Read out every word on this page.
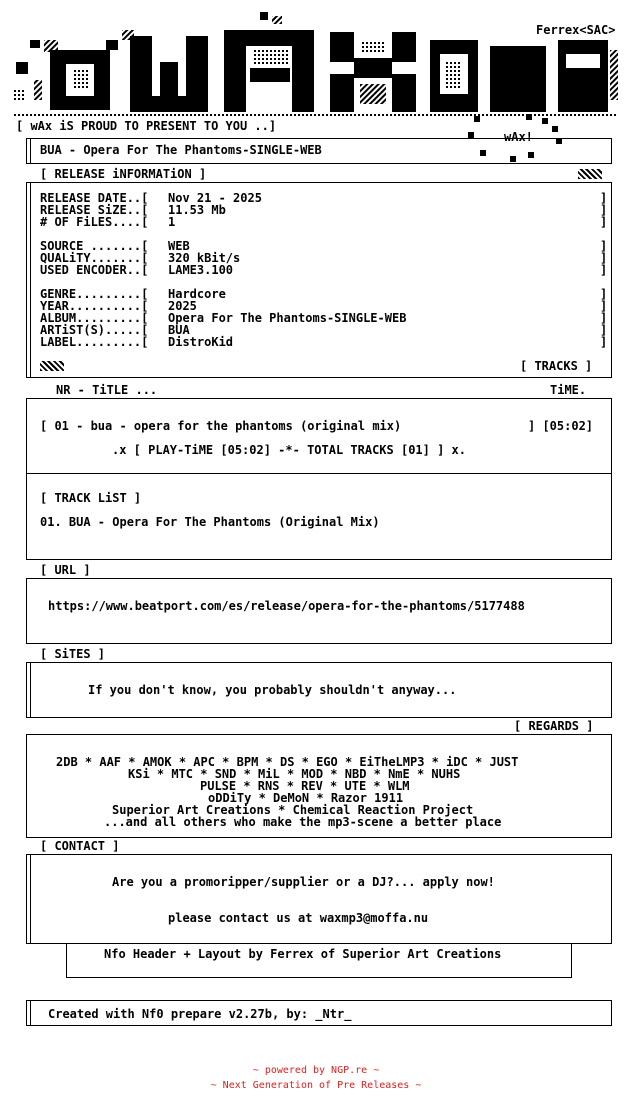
Ferrex<SAC>
[ wAx iS PROUD TO PRESENT TO YOU ..]
wAx!
BUA - Opera For The Phantoms-SINGLE-WEB
[ RELEASE iNFORMATiON ]
RELEASE DATE..[ Nov 21 - 2025
RELEASE SiZE..[ 11.53 Mb
# OF FiLES....[ 1
SOURCE .......[ WEB
QUALiTY.......[ 320 kBit/s
USED ENCODER..[ LAME3.100
GENRE.........[ Hardcore
YEAR..........[ 2025
ALBUM.........[ Opera For The Phantoms-SINGLE-WEB
ARTiST(S).....[ BUA
LABEL.........[ DistroKid
]
]
]
]
]
]
]
]
]
]
]
[ TRACKS ]
NR - TiTLE ...	TiME.
[ 01 - bua - opera for the phantoms (original mix)	] [05:02]
.x [ PLAY-TiME [05:02] -*- TOTAL TRACKS [01] ] x.
[ TRACK LiST ]
01. BUA - Opera For The Phantoms (Original Mix)
[ URL ]
https://www.beatport.com/es/release/opera-for-the-phantoms/5177488
[ SiTES ]
If you don't know, you probably shouldn't anyway...
[ REGARDS ]
2DB * AAF * AMOK * APC * BPM * DS * EGO * EiTheLMP3 * iDC * JUST
KSi * MTC * SND * MiL * MOD * NBD * NmE * NUHS
PULSE * RNS * REV * UTE * WLM
oDDiTy * DeMoN * Razor 1911
Superior Art Creations * Chemical Reaction Project
...and all others who make the mp3-scene a better place
[ CONTACT ]
Are you a promoripper/supplier or a DJ?... apply now!
please contact us at waxmp3@moffa.nu
Nfo Header + Layout by Ferrex of Superior Art Creations
Created with Nf0 prepare v2.27b, by: _Ntr_
~ powered by NGP.re ~
~ Next Generation of Pre Releases ~
